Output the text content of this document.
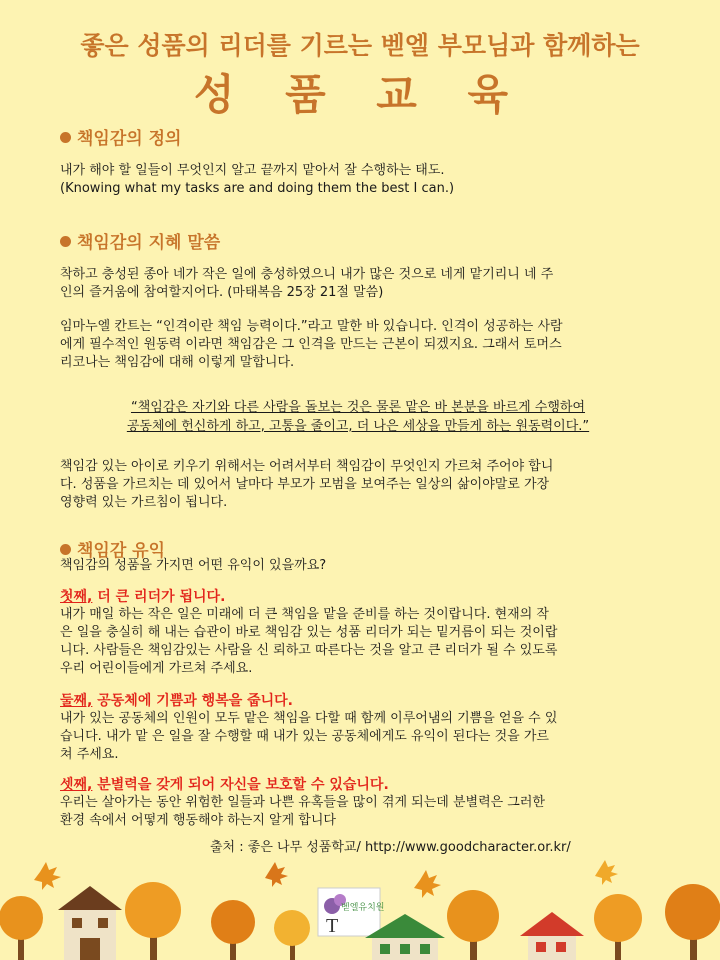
좋은 성품의 리더를 기르는 벧엘 부모님과 함께하는
성 품 교 육
책임감의 정의
내가 해야 할 일들이 무엇인지 알고 끝까지 맡아서 잘 수행하는 태도.
(Knowing what my tasks are and doing them the best I can.)
책임감의 지혜 말씀
착하고 충성된 종아 네가 작은 일에 충성하였으니 내가 많은 것으로 네게 맡기리니 네 주
인의 즐거움에 참여할지어다. (마태복음 25장 21절 말씀)
임마누엘 칸트는 “인격이란 책임 능력이다.”라고 말한 바 있습니다. 인격이 성공하는 사람
에게 필수적인 원동력 이라면 책임감은 그 인격을 만드는 근본이 되겠지요. 그래서 토머스
리코나는 책임감에 대해 이렇게 말합니다.
“책임감은 자기와 다른 사람을 돌보는 것은 물론 맡은 바 본분을 바르게 수행하여
공동체에 헌신하게 하고, 고통을 줄이고, 더 나은 세상을 만들게 하는 원동력이다.”
책임감 있는 아이로 키우기 위해서는 어려서부터 책임감이 무엇인지 가르쳐 주어야 합니
다. 성품을 가르치는 데 있어서 날마다 부모가 모범을 보여주는 일상의 삶이야말로 가장
영향력 있는 가르침이 됩니다.
책임감 유익
책임감의 성품을 가지면 어떤 유익이 있을까요?
첫째, 더 큰 리더가 됩니다.
내가 매일 하는 작은 일은 미래에 더 큰 책임을 맡을 준비를 하는 것이랍니다. 현재의 작
은 일을 충실히 해 내는 습관이 바로 책임감 있는 성품 리더가 되는 밑거름이 되는 것이랍
니다. 사람들은 책임감있는 사람을 신 뢰하고 따른다는 것을 알고 큰 리더가 될 수 있도록
우리 어린이들에게 가르쳐 주세요.
둘째, 공동체에 기쁨과 행복을 줍니다.
내가 있는 공동체의 인원이 모두 맡은 책임을 다할 때 함께 이루어냄의 기쁨을 얻을 수 있
습니다. 내가 맡 은 일을 잘 수행할 때 내가 있는 공동체에게도 유익이 된다는 것을 가르
쳐 주세요.
셋째, 분별력을 갖게 되어 자신을 보호할 수 있습니다.
우리는 살아가는 동안 위험한 일들과 나쁜 유혹들을 많이 겪게 되는데 분별력은 그러한
환경 속에서 어떻게 행동해야 하는지 알게 합니다
출처 : 좋은 나무 성품학교/ http://www.goodcharacter.or.kr/
T
벧엘유치원
